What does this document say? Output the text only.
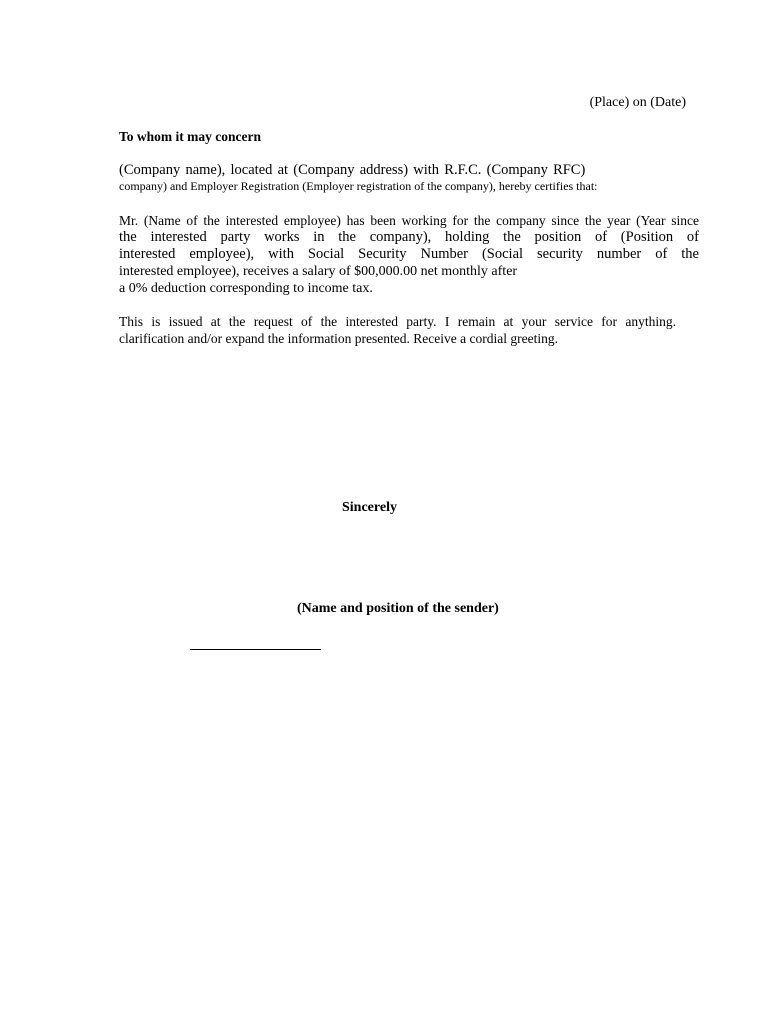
(Place) on (Date)
To whom it may concern
(Company name), located at (Company address) with R.F.C. (Company RFC)
company) and Employer Registration (Employer registration of the company), hereby certifies that:
Mr. (Name of the interested employee) has been working for the company since the year (Year since
the interested party works in the company), holding the position of (Position of
interested employee), with Social Security Number (Social security number of the
interested employee), receives a salary of $00,000.00 net monthly after
a 0% deduction corresponding to income tax.
This is issued at the request of the interested party. I remain at your service for anything.
clarification and/or expand the information presented. Receive a cordial greeting.
Sincerely
(Name and position of the sender)
